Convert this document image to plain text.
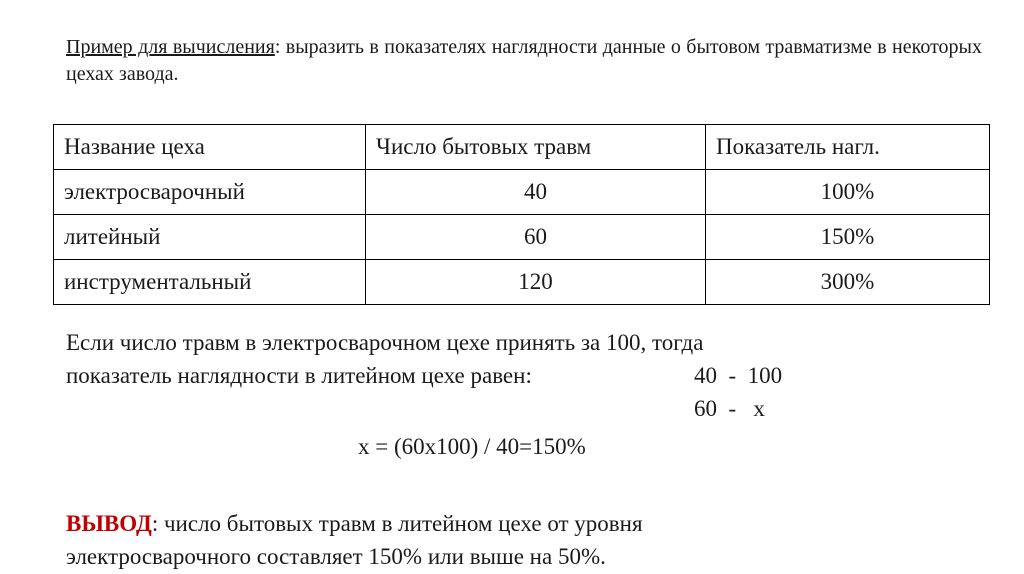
Пример для вычисления: выразить в показателях наглядности данные о бытовом травматизме в некоторых цехах завода.
Название цеха	Число бытовых травм	Показатель нагл.
электросварочный	40	100%
литейный	60	150%
инструментальный	120	300%
Если число травм в электросварочном цехе принять за 100, тогда
показатель наглядности в литейном цехе равен:	40  -  100
60  -   х
х = (60х100) / 40=150%
ВЫВОД: число бытовых травм в литейном цехе от уровня
электросварочного составляет 150% или выше на 50%.
